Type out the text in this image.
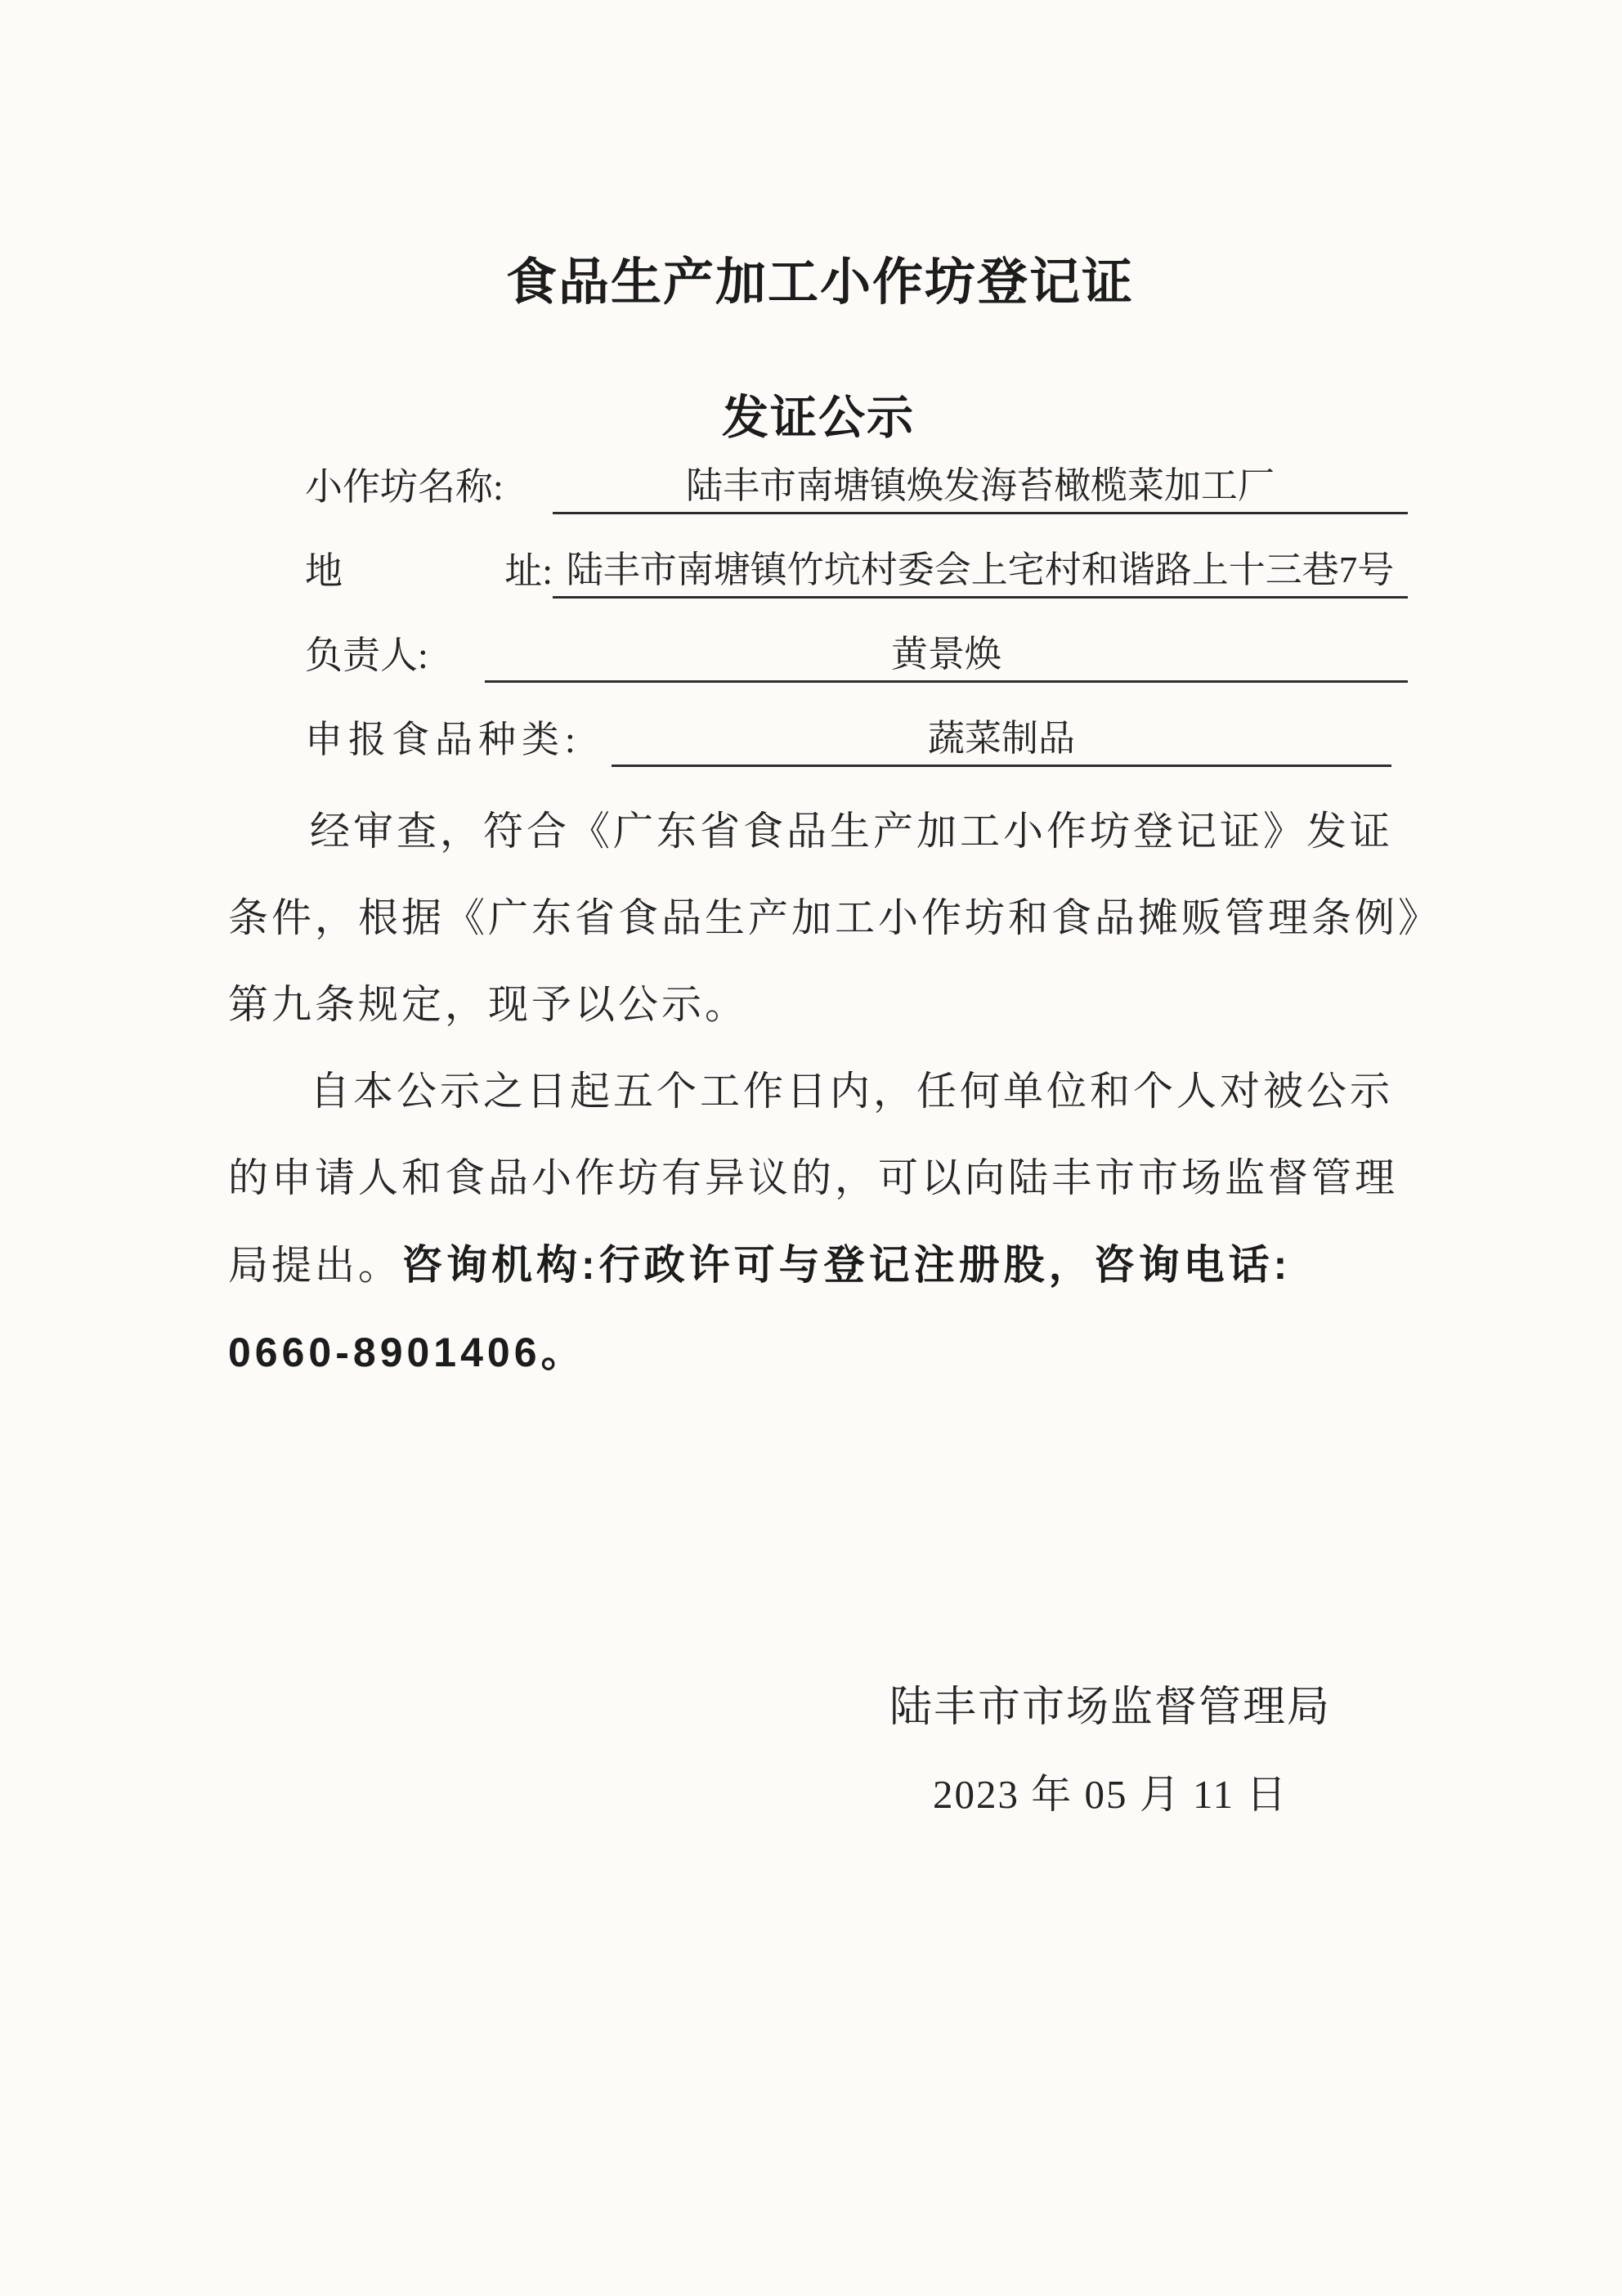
食品生产加工小作坊登记证
发证公示
小作坊名称:	陆丰市南塘镇焕发海苔橄榄菜加工厂
地	址: 陆丰市南塘镇竹坑村委会上宅村和谐路上十三巷7号
负责人:	黄景焕
申报食品种类:	蔬菜制品
经审查，符合《广东省食品生产加工小作坊登记证》发证
条件，根据《广东省食品生产加工小作坊和食品摊贩管理条例》
第九条规定，现予以公示。
自本公示之日起五个工作日内，任何单位和个人对被公示
的申请人和食品小作坊有异议的，可以向陆丰市市场监督管理
局提出。咨询机构:行政许可与登记注册股，咨询电话:
0660-8901406。
陆丰市市场监督管理局
2023 年 05 月 11 日
